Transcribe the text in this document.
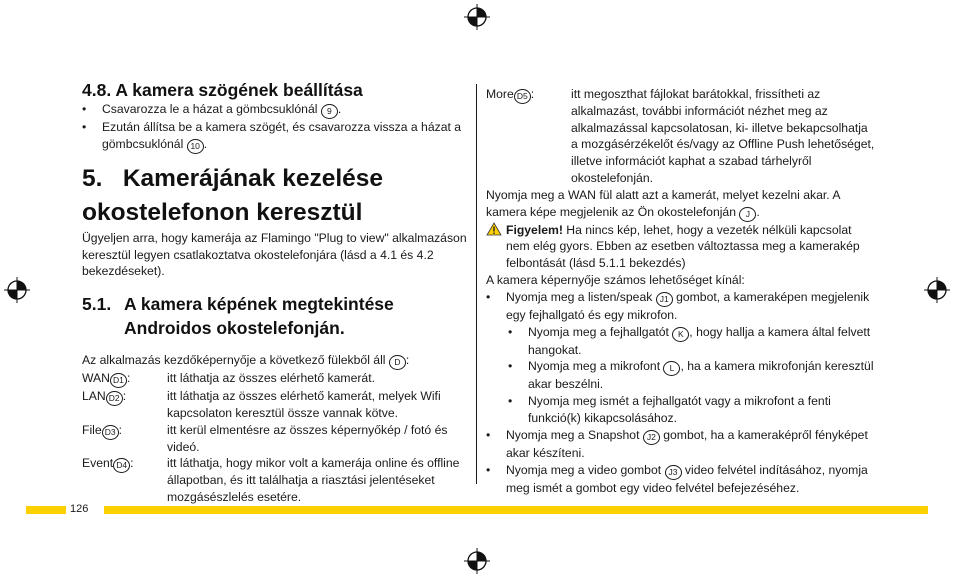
4.8. A kamera szögének beállítása
•	Csavarozza le a házat a gömbcsuklónál 9 .
•	Ezután állítsa be a kamera szögét, és csavarozza vissza a házat a gömbcsuklónál 10 .
5.   Kamerájának kezelése okostelefonon keresztül
Ügyeljen arra, hogy kamerája az Flamingo "Plug to view" alkalmazáson keresztül legyen csatlakoztatva okostelefonjára (lásd a 4.1 és 4.2 bekezdéseket).
5.1. A kamera képének megtekintése Androidos okostelefonján.
Az alkalmazás kezdőképernyője a következő fülekből áll D :
WAN D1 :	itt láthatja az összes elérhető kamerát.
LAN D2 :	itt láthatja az összes elérhető kamerát, melyek Wifi kapcsolaton keresztül össze vannak kötve.
File D3 :	itt kerül elmentésre az összes képernyőkép / fotó és videó.
Event D4 :	itt láthatja, hogy mikor volt a kamerája online és offline állapotban, és itt találhatja a riasztási jelentéseket mozgásészlelés esetére.
More D5 :	itt megoszthat fájlokat barátokkal, frissítheti az alkalmazást, további információt nézhet meg az alkalmazással kapcsolatosan, ki- illetve bekapcsolhatja a mozgásérzékelőt és/vagy az Offline Push lehetőséget, illetve információt kaphat a szabad tárhelyről okostelefonján.
Nyomja meg a WAN fül alatt azt a kamerát, melyet kezelni akar. A kamera képe megjelenik az Ön okostelefonján J .
Figyelem! Ha nincs kép, lehet, hogy a vezeték nélküli kapcsolat nem elég gyors. Ebben az esetben változtassa meg a kamerakép felbontását (lásd 5.1.1 bekezdés)
A kamera képernyője számos lehetőséget kínál:
•	Nyomja meg a listen/speak J1 gombot, a kameraképen megjelenik egy fejhallgató és egy mikrofon.
•	Nyomja meg a fejhallgatót K , hogy hallja a kamera által felvett hangokat.
•	Nyomja meg a mikrofont L , ha a kamera mikrofonján keresztül akar beszélni.
•	Nyomja meg ismét a fejhallgatót vagy a mikrofont a fenti funkció(k) kikapcsolásához.
•	Nyomja meg a Snapshot J2 gombot, ha a kameraképről fényképet akar készíteni.
•	Nyomja meg a video gombot J3 video felvétel indításához, nyomja meg ismét a gombot egy video felvétel befejezéséhez.
126
